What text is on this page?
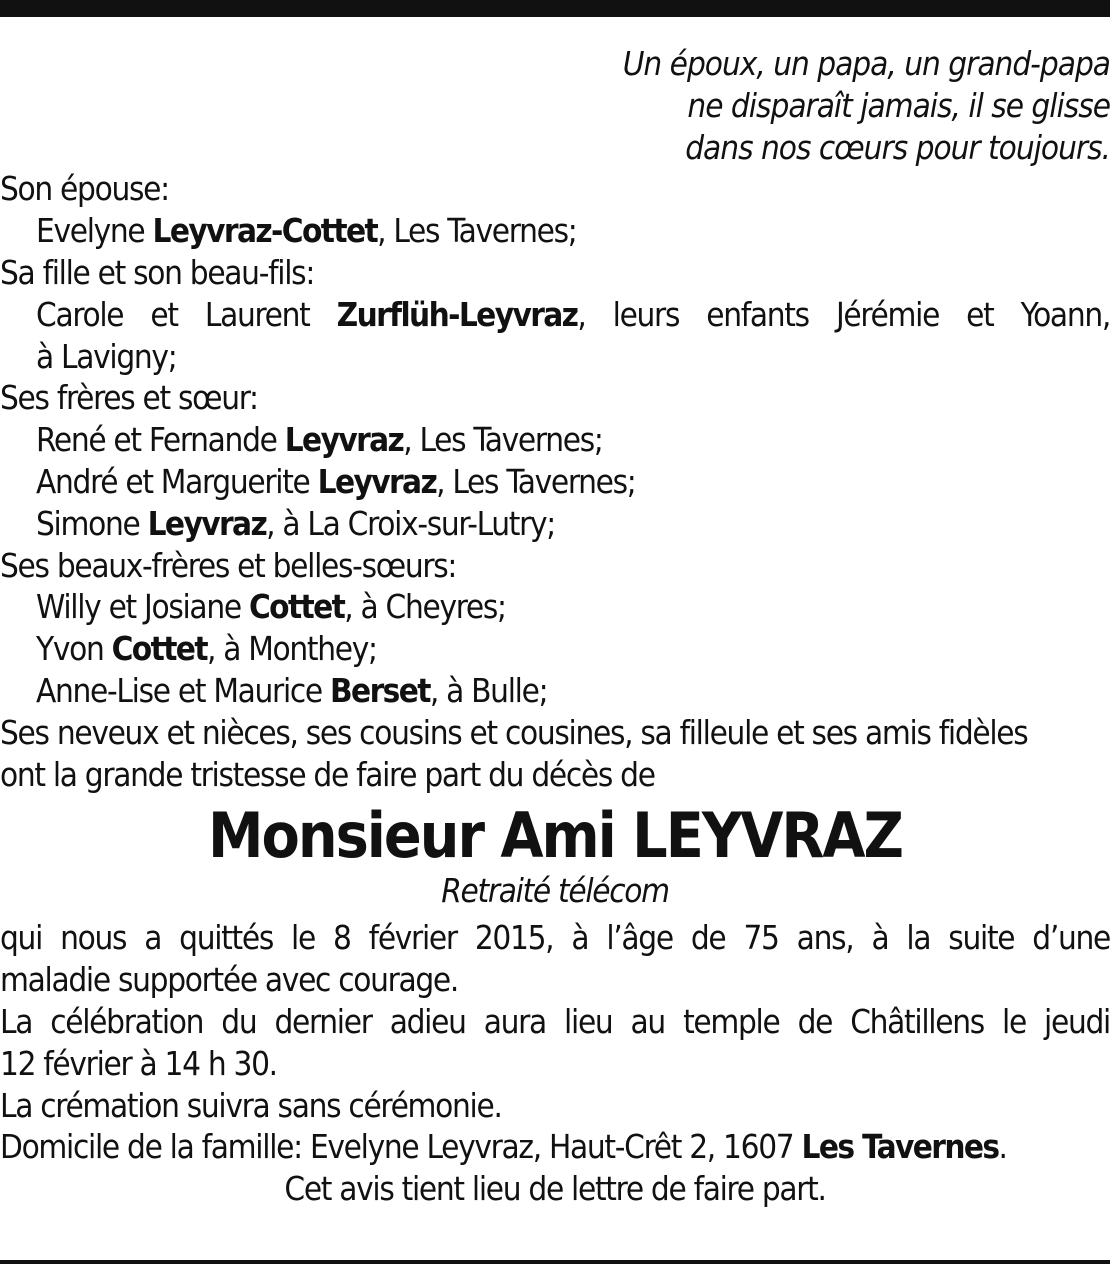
Un époux, un papa, un grand-papa
ne disparaît jamais, il se glisse
dans nos cœurs pour toujours.
Son épouse:
Evelyne Leyvraz-Cottet, Les Tavernes;
Sa fille et son beau-fils:
Carole et Laurent Zurflüh-Leyvraz, leurs enfants Jérémie et Yoann,
à Lavigny;
Ses frères et sœur:
René et Fernande Leyvraz, Les Tavernes;
André et Marguerite Leyvraz, Les Tavernes;
Simone Leyvraz, à La Croix-sur-Lutry;
Ses beaux-frères et belles-sœurs:
Willy et Josiane Cottet, à Cheyres;
Yvon Cottet, à Monthey;
Anne-Lise et Maurice Berset, à Bulle;
Ses neveux et nièces, ses cousins et cousines, sa filleule et ses amis fidèles
ont la grande tristesse de faire part du décès de
Monsieur Ami LEYVRAZ
Retraité télécom
qui nous a quittés le 8 février 2015, à l’âge de 75 ans, à la suite d’une
maladie supportée avec courage.
La célébration du dernier adieu aura lieu au temple de Châtillens le jeudi
12 février à 14 h 30.
La crémation suivra sans cérémonie.
Domicile de la famille: Evelyne Leyvraz, Haut-Crêt 2, 1607 Les Tavernes.
Cet avis tient lieu de lettre de faire part.
